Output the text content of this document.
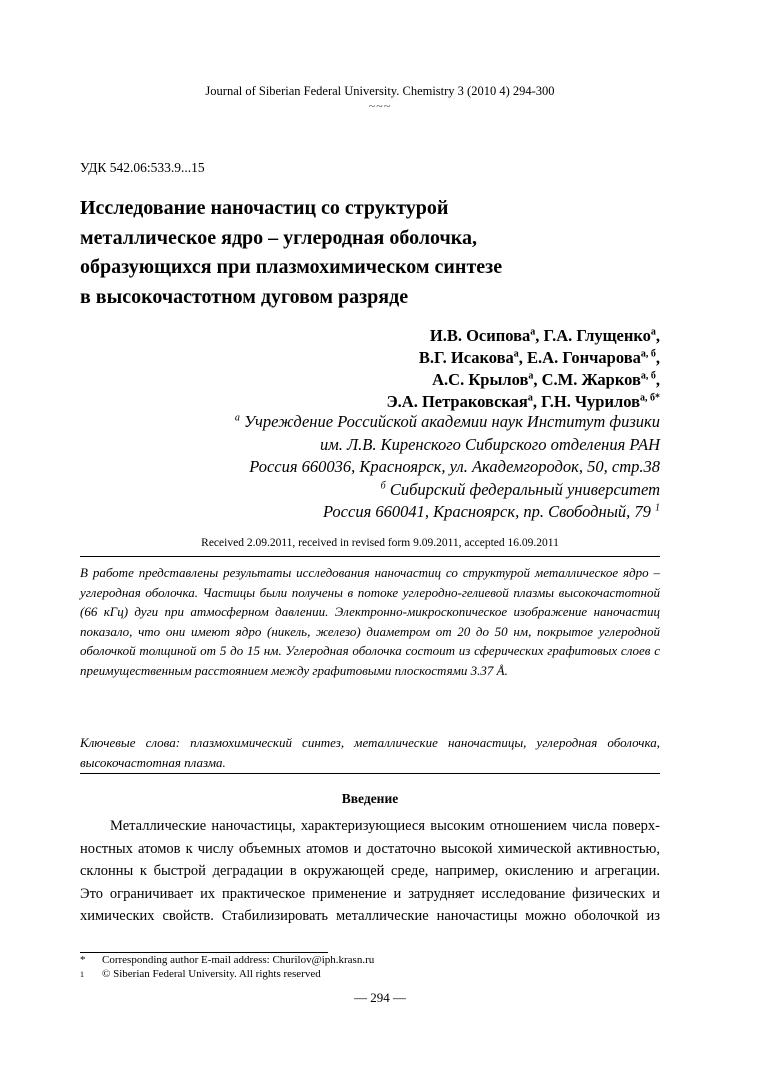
Journal of Siberian Federal University. Chemistry 3 (2010 4) 294-300
~~~
УДК 542.06:533.9...15
Исследование наночастиц со структурой
металлическое ядро – углеродная оболочка,
образующихся при плазмохимическом синтезе
в высокочастотном дуговом разряде
И.В. Осипова$^а$, Г.А. Глущенко$^а$,
В.Г. Исакова$^а$, Е.А. Гончарова$^{а, б}$,
А.С. Крылов$^а$, С.М. Жарков$^{а, б}$,
Э.А. Петраковская$^а$, Г.Н. Чурилов$^{а, б*}$
$^а$ Учреждение Российской академии наук Институт физики
им. Л.В. Киренского Сибирского отделения РАН
Россия 660036, Красноярск, ул. Академгородок, 50, стр.38
$^б$ Сибирский федеральный университет
Россия 660041, Красноярск, пр. Свободный, 79 $^1$
Received 2.09.2011, received in revised form 9.09.2011, accepted 16.09.2011
В работе представлены результаты исследования наночастиц со структурой металлическое ядро – углеродная оболочка. Частицы были получены в потоке углеродно-гелиевой плазмы высокочастотной (66 кГц) дуги при атмосферном давлении. Электронно-микроскопическое изображение наночастиц показало, что они имеют ядро (никель, железо) диаметром от 20 до 50 нм, покрытое углеродной оболочкой толщиной от 5 до 15 нм. Углеродная оболочка состоит из сферических графитовых слоев с преимущественным расстоянием между графитовыми плоскостями 3.37 Å.
Ключевые слова: плазмохимический синтез, металлические наночастицы, углеродная оболочка, высокочастотная плазма.
Введение
Металлические наночастицы, характеризующиеся высоким отношением числа поверх-
ностных атомов к числу объемных атомов и достаточно высокой химической активностью,
склонны к быстрой деградации в окружающей среде, например, окислению и агрегации.
Это ограничивает их практическое применение и затрудняет исследование физических и
химических свойств. Стабилизировать металлические наночастицы можно оболочкой из
*	Corresponding author E-mail address: Churilov@iph.krasn.ru
1	© Siberian Federal University. All rights reserved
— 294 —
